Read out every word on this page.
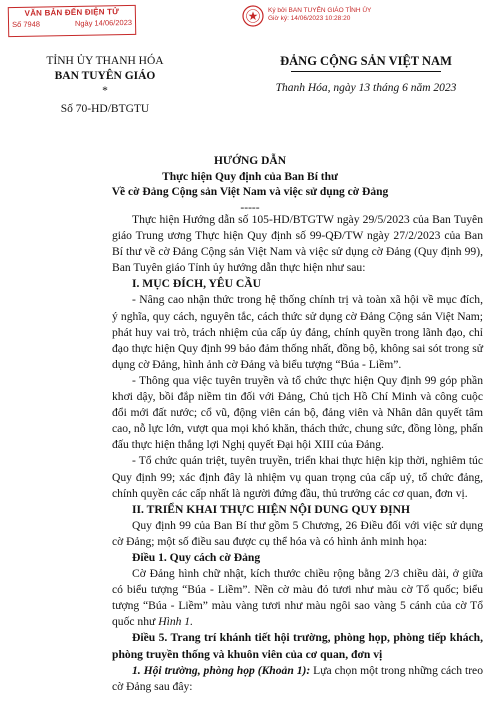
VĂN BẢN ĐẾN ĐIỆN TỬ
Số 7948	Ngày 14/06/2023
Ký bởi BAN TUYÊN GIÁO TỈNH ỦY
Giờ ký: 14/06/2023 10:28:20
TỈNH ỦY THANH HÓA
BAN TUYÊN GIÁO
*
Số 70-HD/BTGTU
ĐẢNG CỘNG SẢN VIỆT NAM
Thanh Hóa, ngày 13 tháng 6 năm 2023
HƯỚNG DẪN
Thực hiện Quy định của Ban Bí thư
Về cờ Đảng Cộng sản Việt Nam và việc sử dụng cờ Đảng
-----

Thực hiện Hướng dẫn số 105-HD/BTGTW ngày 29/5/2023 của Ban Tuyên giáo Trung ương Thực hiện Quy định số 99-QĐ/TW ngày 27/2/2023 của Ban Bí thư về cờ Đảng Cộng sản Việt Nam và việc sử dụng cờ Đảng (Quy định 99), Ban Tuyên giáo Tỉnh ủy hướng dẫn thực hiện như sau:

I. MỤC ĐÍCH, YÊU CẦU

- Nâng cao nhận thức trong hệ thống chính trị và toàn xã hội về mục đích, ý nghĩa, quy cách, nguyên tắc, cách thức sử dụng cờ Đảng Cộng sản Việt Nam; phát huy vai trò, trách nhiệm của cấp ủy đảng, chính quyền trong lãnh đạo, chỉ đạo thực hiện Quy định 99 bảo đảm thống nhất, đồng bộ, không sai sót trong sử dụng cờ Đảng, hình ảnh cờ Đảng và biểu tượng “Búa - Liềm”.

- Thông qua việc tuyên truyền và tổ chức thực hiện Quy định 99 góp phần khơi dậy, bồi đắp niềm tin đối với Đảng, Chủ tịch Hồ Chí Minh và công cuộc đổi mới đất nước; cổ vũ, động viên cán bộ, đảng viên và Nhân dân quyết tâm cao, nỗ lực lớn, vượt qua mọi khó khăn, thách thức, chung sức, đồng lòng, phấn đấu thực hiện thắng lợi Nghị quyết Đại hội XIII của Đảng.

- Tổ chức quán triệt, tuyên truyền, triển khai thực hiện kịp thời, nghiêm túc Quy định 99; xác định đây là nhiệm vụ quan trọng của cấp uỷ, tổ chức đảng, chính quyền các cấp nhất là người đứng đầu, thủ trưởng các cơ quan, đơn vị.

II. TRIỂN KHAI THỰC HIỆN NỘI DUNG QUY ĐỊNH

Quy định 99 của Ban Bí thư gồm 5 Chương, 26 Điều đối với việc sử dụng cờ Đảng; một số điều sau được cụ thể hóa và có hình ảnh minh họa:

Điều 1. Quy cách cờ Đảng

Cờ Đảng hình chữ nhật, kích thước chiều rộng bằng 2/3 chiều dài, ở giữa có biểu tượng “Búa - Liềm”. Nền cờ màu đỏ tươi như màu cờ Tổ quốc; biểu tượng “Búa - Liềm” màu vàng tươi như màu ngôi sao vàng 5 cánh của cờ Tổ quốc như Hình 1.

Điều 5. Trang trí khánh tiết hội trường, phòng họp, phòng tiếp khách, phòng truyền thống và khuôn viên của cơ quan, đơn vị

1. Hội trường, phòng họp (Khoản 1): Lựa chọn một trong những cách treo cờ Đảng sau đây:
